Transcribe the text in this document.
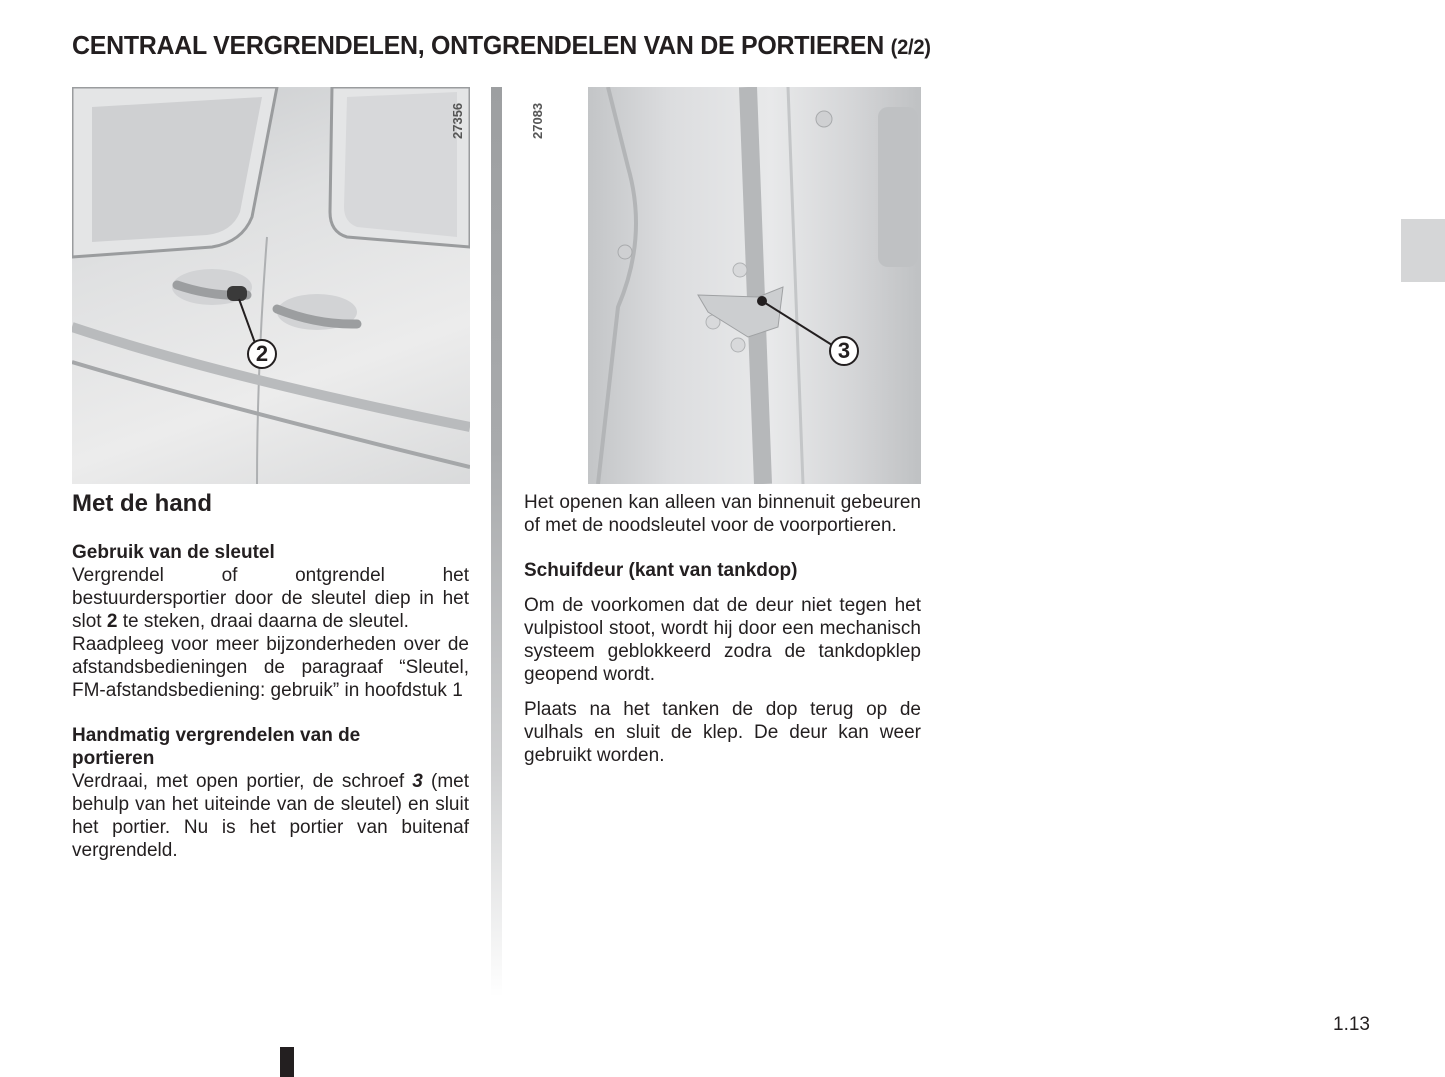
CENTRAAL VERGRENDELEN, ONTGRENDELEN VAN DE PORTIEREN (2/2)
27356
2
27083
3
Met de hand
Gebruik van de sleutel

Vergrendel of ontgrendel het bestuurdersportier door de sleutel diep in het slot 2 te steken, draai daarna de sleutel.

Raadpleeg voor meer bijzonderheden over de afstandsbedieningen de paragraaf “Sleutel, FM-afstandsbediening: gebruik” in hoofdstuk 1

Handmatig vergrendelen van de portieren

Verdraai, met open portier, de schroef 3 (met behulp van het uiteinde van de sleutel) en sluit het portier. Nu is het portier van buitenaf vergrendeld.

Het openen kan alleen van binnenuit gebeuren of met de noodsleutel voor de voorportieren.

Schuifdeur (kant van tankdop)

Om de voorkomen dat de deur niet tegen het vulpistool stoot, wordt hij door een mechanisch systeem geblokkeerd zodra de tankdopklep geopend wordt.

Plaats na het tanken de dop terug op de vulhals en sluit de klep. De deur kan weer gebruikt worden.

1.13
